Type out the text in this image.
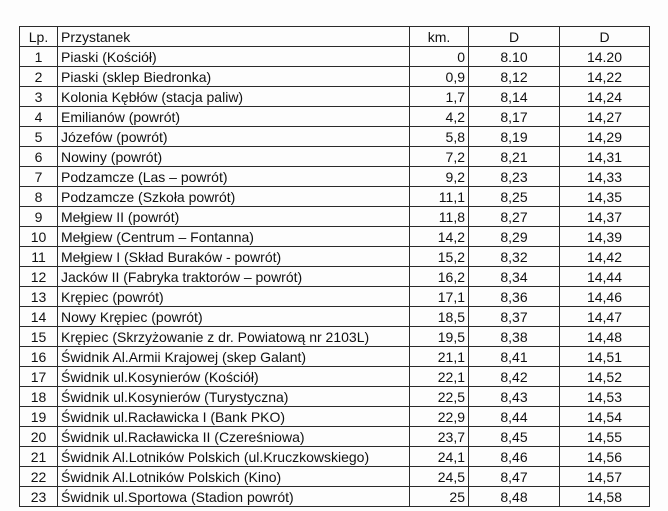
Lp.	Przystanek	km.	D	D
1	Piaski (Kościół)	0	8.10	14.20
2	Piaski (sklep Biedronka)	0,9	8,12	14,22
3	Kolonia Kębłów (stacja paliw)	1,7	8,14	14,24
4	Emilianów (powrót)	4,2	8,17	14,27
5	Józefów (powrót)	5,8	8,19	14,29
6	Nowiny (powrót)	7,2	8,21	14,31
7	Podzamcze (Las – powrót)	9,2	8,23	14,33
8	Podzamcze (Szkoła powrót)	11,1	8,25	14,35
9	Mełgiew II (powrót)	11,8	8,27	14,37
10	Mełgiew (Centrum – Fontanna)	14,2	8,29	14,39
11	Mełgiew I (Skład Buraków - powrót)	15,2	8,32	14,42
12	Jacków II (Fabryka traktorów – powrót)	16,2	8,34	14,44
13	Krępiec (powrót)	17,1	8,36	14,46
14	Nowy Krępiec (powrót)	18,5	8,37	14,47
15	Krępiec (Skrzyżowanie z dr. Powiatową nr 2103L)	19,5	8,38	14,48
16	Świdnik Al.Armii Krajowej (skep Galant)	21,1	8,41	14,51
17	Świdnik ul.Kosynierów (Kościół)	22,1	8,42	14,52
18	Świdnik ul.Kosynierów (Turystyczna)	22,5	8,43	14,53
19	Świdnik ul.Racławicka I (Bank PKO)	22,9	8,44	14,54
20	Świdnik ul.Racławicka II (Czereśniowa)	23,7	8,45	14,55
21	Świdnik Al.Lotników Polskich (ul.Kruczkowskiego)	24,1	8,46	14,56
22	Świdnik Al.Lotników Polskich (Kino)	24,5	8,47	14,57
23	Świdnik ul.Sportowa (Stadion powrót)	25	8,48	14,58
